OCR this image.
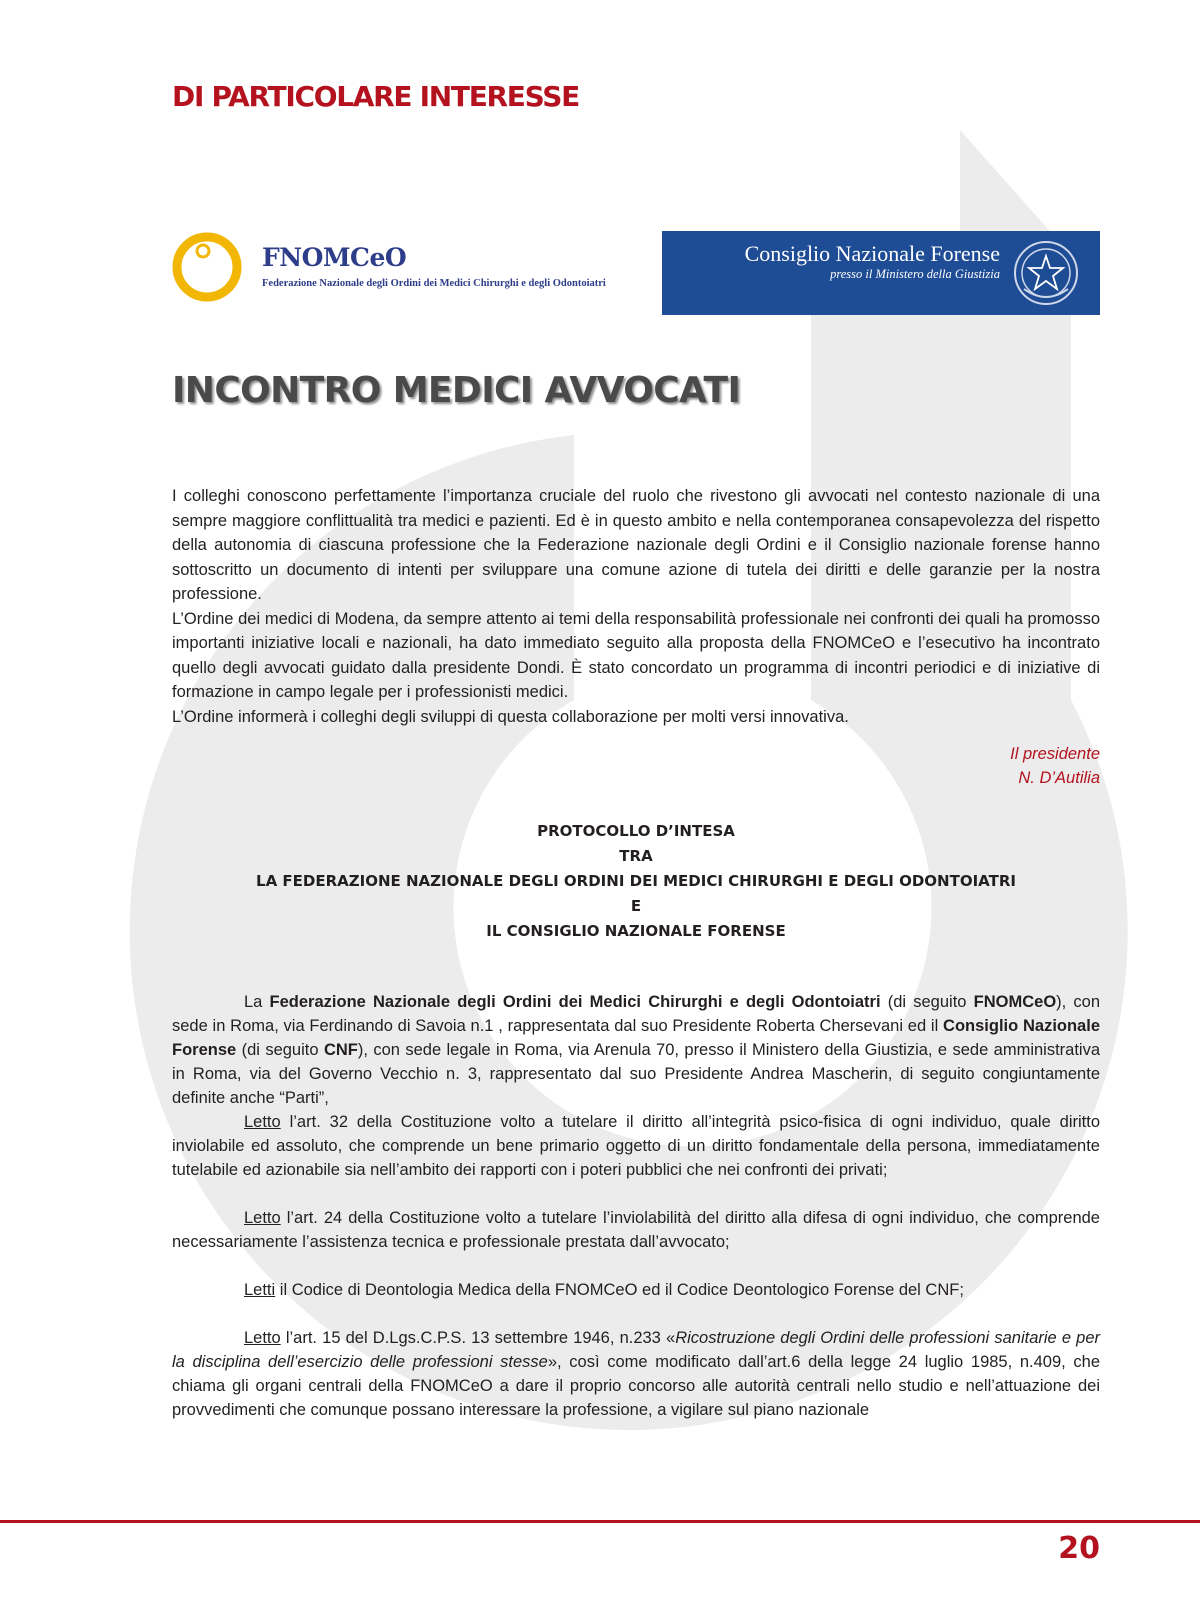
DI PARTICOLARE INTERESSE
FNOMCeO
Federazione Nazionale degli Ordini dei Medici Chirurghi e degli Odontoiatri
Consiglio Nazionale Forense
presso il Ministero della Giustizia
INCONTRO MEDICI AVVOCATI
I colleghi conoscono perfettamente l’importanza cruciale del ruolo che rivestono gli avvocati nel contesto nazionale di una sempre maggiore conflittualità tra medici e pazienti. Ed è in questo ambito e nella contemporanea consapevolezza del rispetto della autonomia di ciascuna professione che la Federazione nazionale degli Ordini e il Consiglio nazionale forense hanno sottoscritto un documento di intenti per sviluppare una comune azione di tutela dei diritti e delle garanzie per la nostra professione.
L’Ordine dei medici di Modena, da sempre attento ai temi della responsabilità professionale nei confronti dei quali ha promosso importanti iniziative locali e nazionali, ha dato immediato seguito alla proposta della FNOMCeO e l’esecutivo ha incontrato quello degli avvocati guidato dalla presidente Dondi. È stato concordato un programma di incontri periodici e di iniziative di formazione in campo legale per i professionisti medici.
L’Ordine informerà i colleghi degli sviluppi di questa collaborazione per molti versi innovativa.
Il presidente
N. D’Autilia
PROTOCOLLO D’INTESA
TRA
LA FEDERAZIONE NAZIONALE DEGLI ORDINI DEI MEDICI CHIRURGHI E DEGLI ODONTOIATRI
E
IL CONSIGLIO NAZIONALE FORENSE

La Federazione Nazionale degli Ordini dei Medici Chirurghi e degli Odontoiatri (di seguito FNOMCeO), con sede in Roma, via Ferdinando di Savoia n.1 , rappresentata dal suo Presidente Roberta Chersevani ed il Consiglio Nazionale Forense (di seguito CNF), con sede legale in Roma, via Arenula 70, presso il Ministero della Giustizia, e sede amministrativa in Roma, via del Governo Vecchio n. 3, rappresentato dal suo Presidente Andrea Mascherin, di seguito congiuntamente definite anche “Parti”,

Letto l’art. 32 della Costituzione volto a tutelare il diritto all’integrità psico-fisica di ogni individuo, quale diritto inviolabile ed assoluto, che comprende un bene primario oggetto di un diritto fondamentale della persona, immediatamente tutelabile ed azionabile sia nell’ambito dei rapporti con i poteri pubblici che nei confronti dei privati;

Letto l’art. 24 della Costituzione volto a tutelare l’inviolabilità del diritto alla difesa di ogni individuo, che comprende necessariamente l’assistenza tecnica e professionale prestata dall’avvocato;

Letti il Codice di Deontologia Medica della FNOMCeO ed il Codice Deontologico Forense del CNF;

Letto l’art. 15 del D.Lgs.C.P.S. 13 settembre 1946, n.233 «Ricostruzione degli Ordini delle professioni sanitarie e per la disciplina dell’esercizio delle professioni stesse», così come modificato dall’art.6 della legge 24 luglio 1985, n.409, che chiama gli organi centrali della FNOMCeO a dare il proprio concorso alle autorità centrali nello studio e nell’attuazione dei provvedimenti che comunque possano interessare la professione, a vigilare sul piano nazionale

20
